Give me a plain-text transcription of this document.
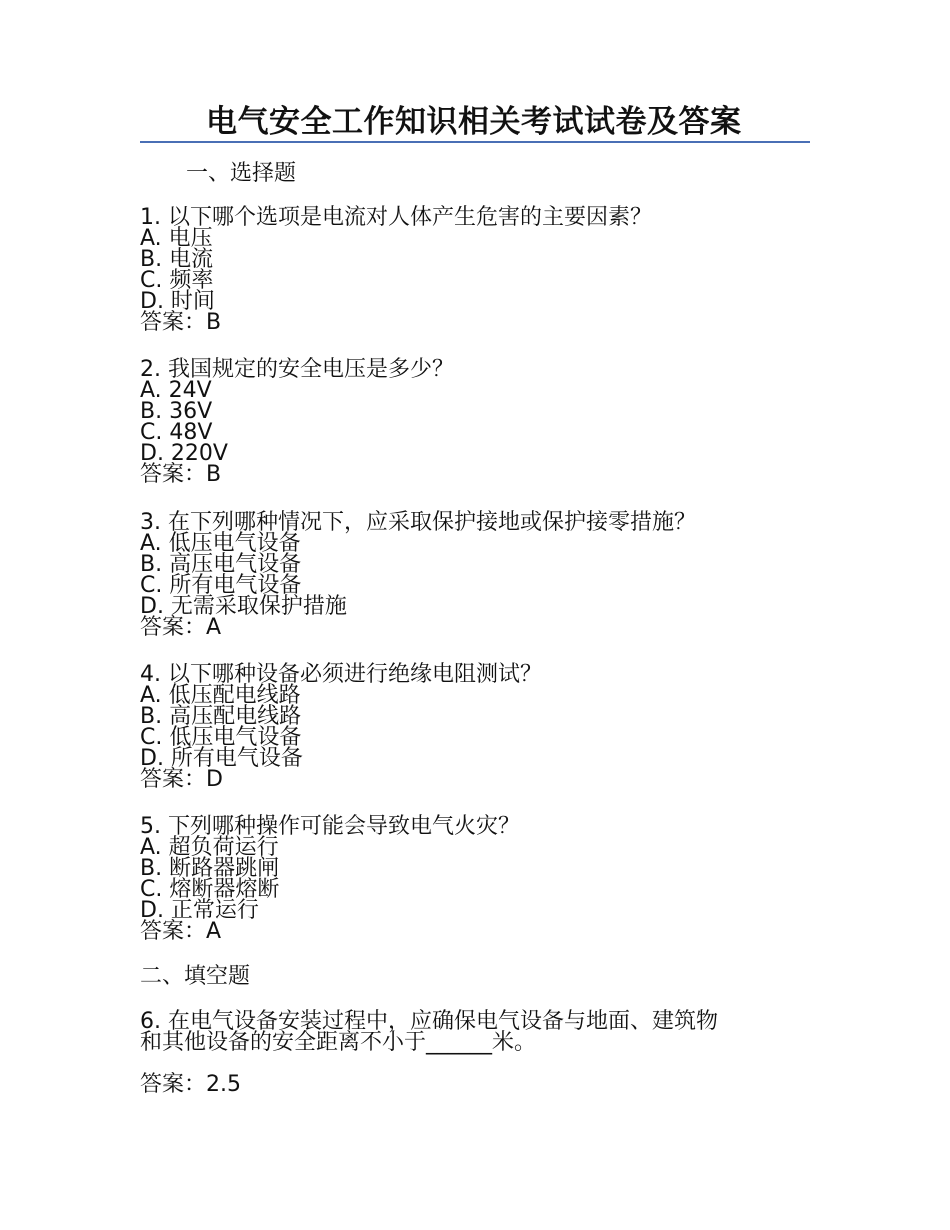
电气安全工作知识相关考试试卷及答案
一、选择题
1. 以下哪个选项是电流对人体产生危害的主要因素？
A. 电压
B. 电流
C. 频率
D. 时间
答案：B
2. 我国规定的安全电压是多少？
A. 24V
B. 36V
C. 48V
D. 220V
答案：B
3. 在下列哪种情况下，应采取保护接地或保护接零措施？
A. 低压电气设备
B. 高压电气设备
C. 所有电气设备
D. 无需采取保护措施
答案：A
4. 以下哪种设备必须进行绝缘电阻测试？
A. 低压配电线路
B. 高压配电线路
C. 低压电气设备
D. 所有电气设备
答案：D
5. 下列哪种操作可能会导致电气火灾？
A. 超负荷运行
B. 断路器跳闸
C. 熔断器熔断
D. 正常运行
答案：A
二、填空题
6. 在电气设备安装过程中，应确保电气设备与地面、建筑物
和其他设备的安全距离不小于______米。
答案：2.5
